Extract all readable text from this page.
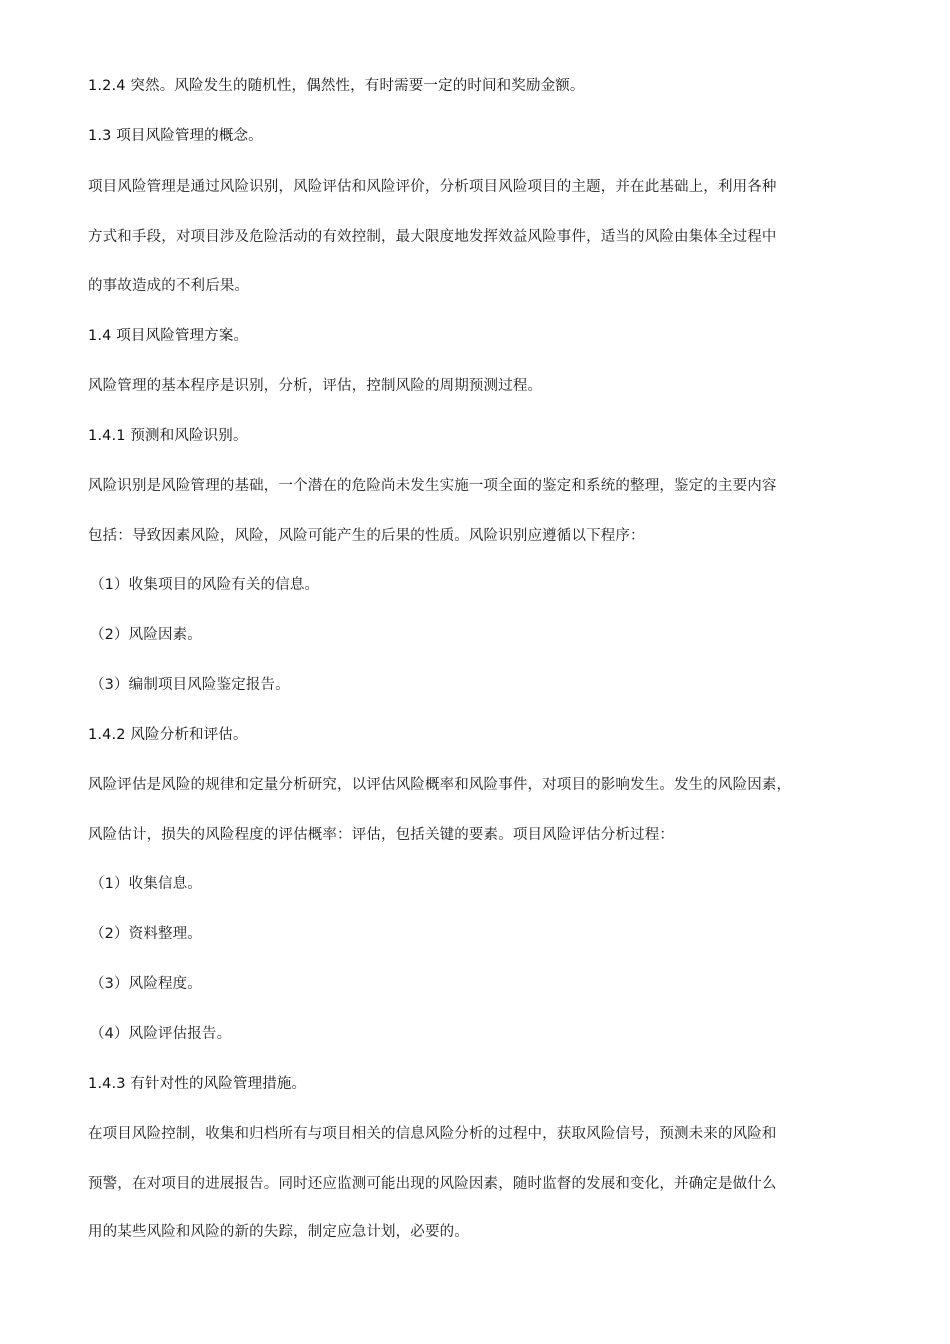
1.2.4 突然。风险发生的随机性，偶然性，有时需要一定的时间和奖励金额。
1.3 项目风险管理的概念。
项目风险管理是通过风险识别，风险评估和风险评价，分析项目风险项目的主题，并在此基础上，利用各种
方式和手段，对项目涉及危险活动的有效控制，最大限度地发挥效益风险事件，适当的风险由集体全过程中
的事故造成的不利后果。
1.4 项目风险管理方案。
风险管理的基本程序是识别，分析，评估，控制风险的周期预测过程。
1.4.1 预测和风险识别。
风险识别是风险管理的基础，一个潜在的危险尚未发生实施一项全面的鉴定和系统的整理，鉴定的主要内容
包括：导致因素风险，风险，风险可能产生的后果的性质。风险识别应遵循以下程序：
（1）收集项目的风险有关的信息。
（2）风险因素。
（3）编制项目风险鉴定报告。
1.4.2 风险分析和评估。
风险评估是风险的规律和定量分析研究，以评估风险概率和风险事件，对项目的影响发生。发生的风险因素，
风险估计，损失的风险程度的评估概率：评估，包括关键的要素。项目风险评估分析过程：
（1）收集信息。
（2）资料整理。
（3）风险程度。
（4）风险评估报告。
1.4.3 有针对性的风险管理措施。
在项目风险控制，收集和归档所有与项目相关的信息风险分析的过程中，获取风险信号，预测未来的风险和
预警，在对项目的进展报告。同时还应监测可能出现的风险因素，随时监督的发展和变化，并确定是做什么
用的某些风险和风险的新的失踪，制定应急计划，必要的。
